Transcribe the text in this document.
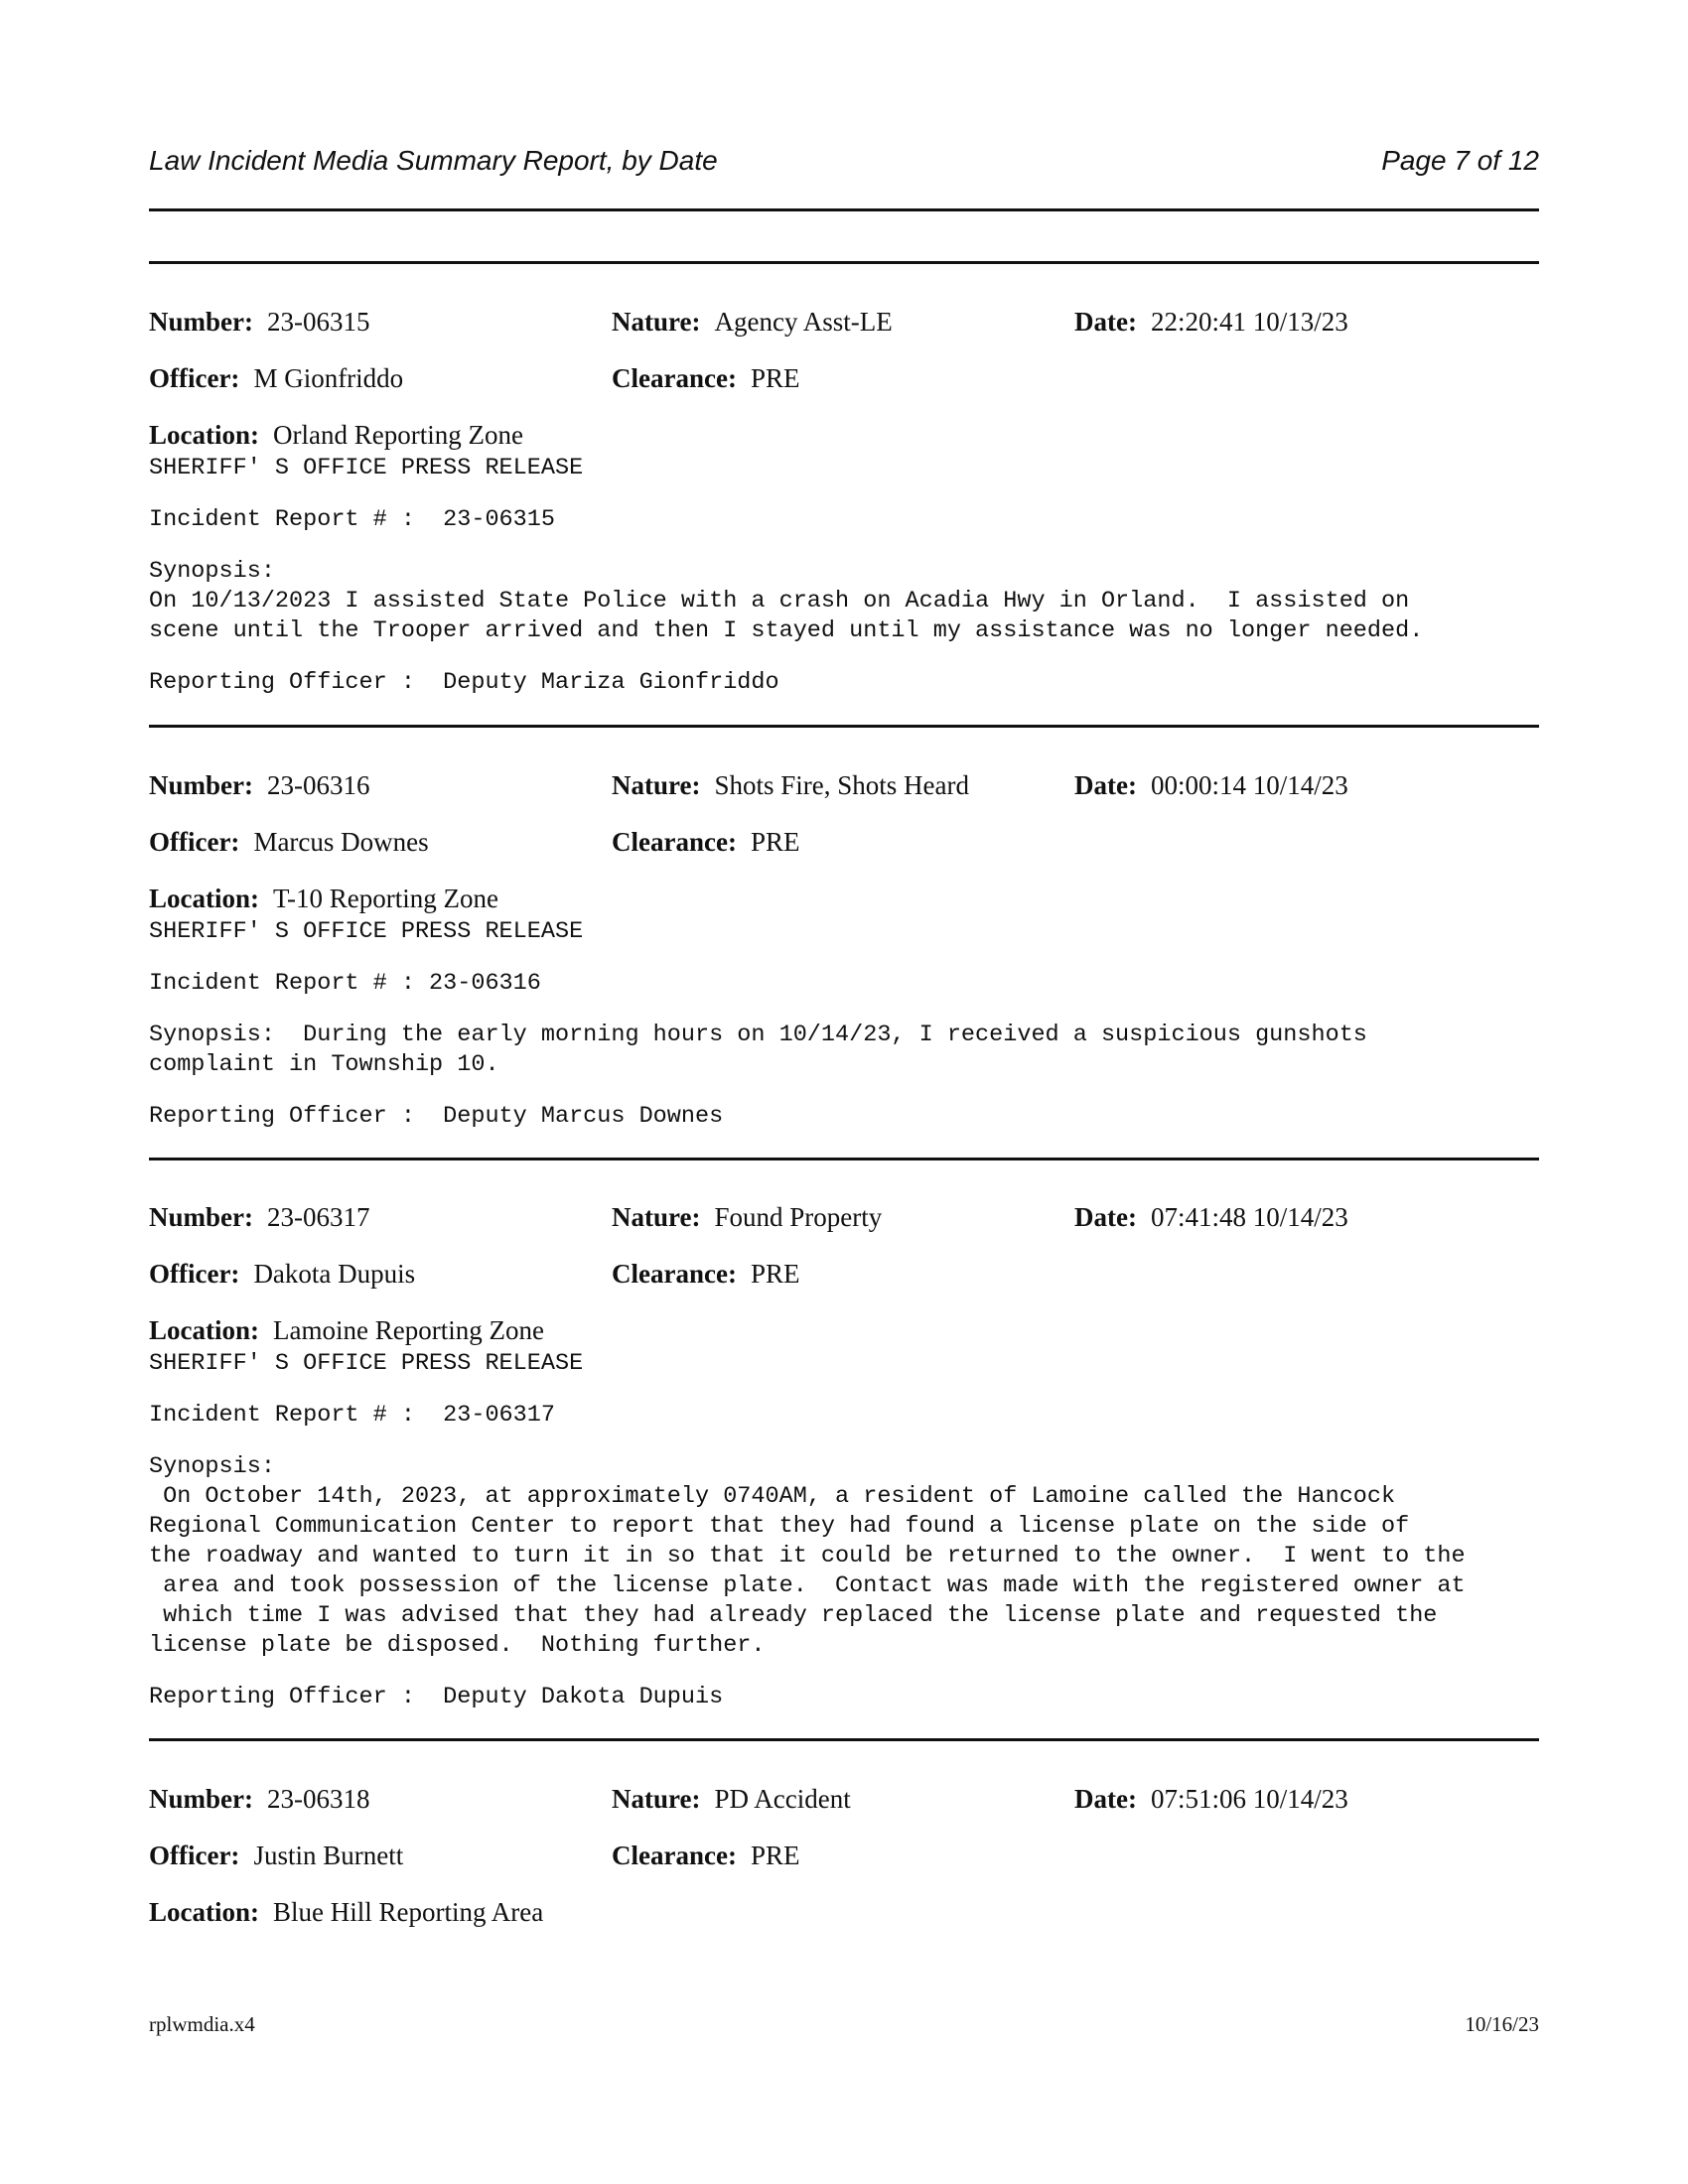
Law Incident Media Summary Report, by Date	Page 7 of 12
Number: 23-06315	Nature: Agency Asst-LE	Date: 22:20:41 10/13/23
Officer: M Gionfriddo	Clearance: PRE
Location: Orland Reporting Zone

SHERIFF' S OFFICE PRESS RELEASE

Incident Report # :  23-06315

Synopsis:
On 10/13/2023 I assisted State Police with a crash on Acadia Hwy in Orland.  I assisted on
scene until the Trooper arrived and then I stayed until my assistance was no longer needed.

Reporting Officer :  Deputy Mariza Gionfriddo

Number: 23-06316	Nature: Shots Fire, Shots Heard	Date: 00:00:14 10/14/23
Officer: Marcus Downes	Clearance: PRE
Location: T-10 Reporting Zone

SHERIFF' S OFFICE PRESS RELEASE

Incident Report # : 23-06316

Synopsis:  During the early morning hours on 10/14/23, I received a suspicious gunshots
complaint in Township 10.

Reporting Officer :  Deputy Marcus Downes

Number: 23-06317	Nature: Found Property	Date: 07:41:48 10/14/23
Officer: Dakota Dupuis	Clearance: PRE
Location: Lamoine Reporting Zone

SHERIFF' S OFFICE PRESS RELEASE

Incident Report # :  23-06317

Synopsis:
On October 14th, 2023, at approximately 0740AM, a resident of Lamoine called the Hancock
Regional Communication Center to report that they had found a license plate on the side of
the roadway and wanted to turn it in so that it could be returned to the owner.  I went to the
area and took possession of the license plate.  Contact was made with the registered owner at
which time I was advised that they had already replaced the license plate and requested the
license plate be disposed.  Nothing further.

Reporting Officer :  Deputy Dakota Dupuis

Number: 23-06318	Nature: PD Accident	Date: 07:51:06 10/14/23
Officer: Justin Burnett	Clearance: PRE
Location: Blue Hill Reporting Area
rplwmdia.x4	10/16/23
